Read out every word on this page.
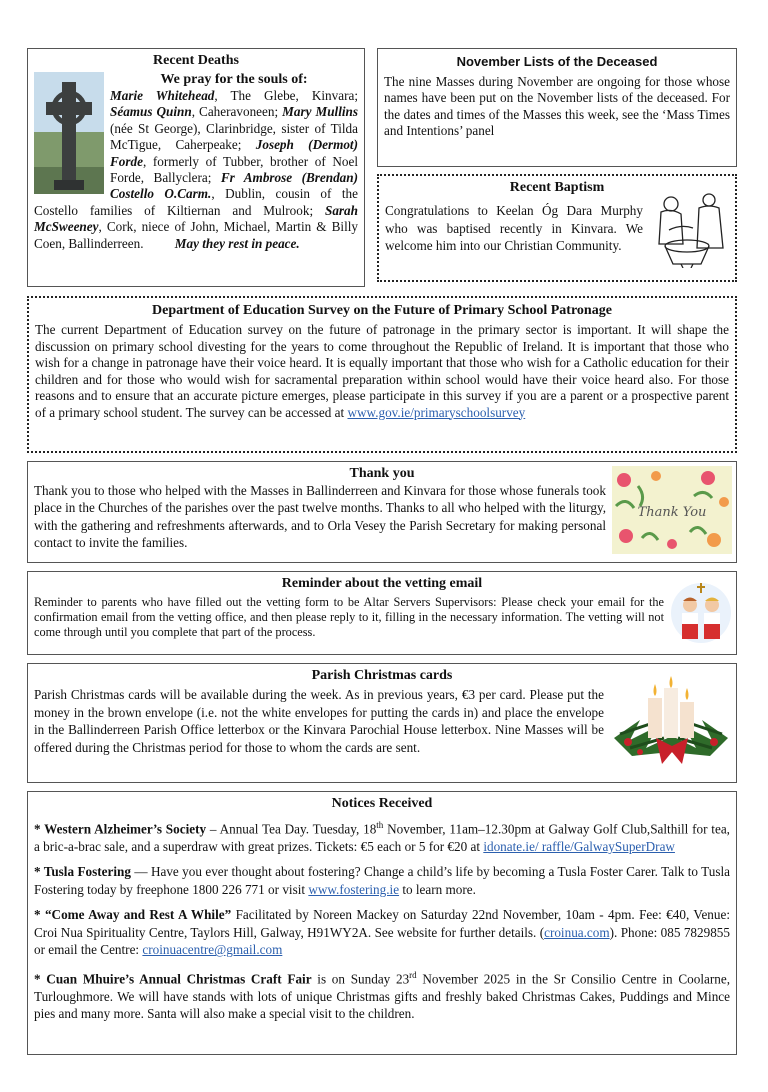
Recent Deaths
We pray for the souls of:
Marie Whitehead, The Glebe, Kinvara; Séamus Quinn, Caheravoneen; Mary Mullins (née St George), Clarinbridge, sister of Tilda McTigue, Caherpeake; Joseph (Dermot) Forde, formerly of Tubber, brother of Noel Forde, Ballyclera; Fr Ambrose (Brendan) Costello O.Carm., Dublin, cousin of the Costello families of Kiltiernan and Mulrook; Sarah McSweeney, Cork, niece of John, Michael, Martin & Billy Coen, Ballinderreen. May they rest in peace.
November Lists of the Deceased
The nine Masses during November are ongoing for those whose names have been put on the November lists of the deceased. For the dates and times of the Masses this week, see the ‘Mass Times and Intentions’ panel
Recent Baptism
Congratulations to Keelan Óg Dara Murphy who was baptised recently in Kinvara. We welcome him into our Christian Community.
Department of Education Survey on the Future of Primary School Patronage
The current Department of Education survey on the future of patronage in the primary sector is important. It will shape the discussion on primary school divesting for the years to come throughout the Republic of Ireland. It is important that those who wish for a change in patronage have their voice heard. It is equally important that those who wish for a Catholic education for their children and for those who would wish for sacramental preparation within school would have their voice heard also. For those reasons and to ensure that an accurate picture emerges, please participate in this survey if you are a parent or a prospective parent of a primary school student. The survey can be accessed at www.gov.ie/primaryschoolsurvey
Thank you
Thank You
Thank you to those who helped with the Masses in Ballinderreen and Kinvara for those whose funerals took place in the Churches of the parishes over the past twelve months. Thanks to all who helped with the liturgy, with the gathering and refreshments afterwards, and to Orla Vesey the Parish Secretary for making personal contact to invite the families.
Reminder about the vetting email
Reminder to parents who have filled out the vetting form to be Altar Servers Supervisors: Please check your email for the confirmation email from the vetting office, and then please reply to it, filling in the necessary information. The vetting will not come through until you complete that part of the process.
Parish Christmas cards
Parish Christmas cards will be available during the week. As in previous years, €3 per card. Please put the money in the brown envelope (i.e. not the white envelopes for putting the cards in) and place the envelope in the Ballinderreen Parish Office letterbox or the Kinvara Parochial House letterbox. Nine Masses will be offered during the Christmas period for those to whom the cards are sent.
Notices Received

* Western Alzheimer’s Society – Annual Tea Day. Tuesday, 18th November, 11am–12.30pm at Galway Golf Club,Salthill for tea, a bric-a-brac sale, and a superdraw with great prizes. Tickets: €5 each or 5 for €20 at idonate.ie/ raffle/GalwaySuperDraw

* Tusla Fostering — Have you ever thought about fostering? Change a child’s life by becoming a Tusla Foster Carer. Talk to Tusla Fostering today by freephone 1800 226 771 or visit www.fostering.ie to learn more.

* “Come Away and Rest A While” Facilitated by Noreen Mackey on Saturday 22nd November, 10am - 4pm. Fee: €40, Venue: Croi Nua Spirituality Centre, Taylors Hill, Galway, H91WY2A. See website for further details. (croinua.com). Phone: 085 7829855 or email the Centre: croinuacentre@gmail.com

* Cuan Mhuire’s Annual Christmas Craft Fair is on Sunday 23rd November 2025 in the Sr Consilio Centre in Coolarne, Turloughmore. We will have stands with lots of unique Christmas gifts and freshly baked Christmas Cakes, Puddings and Mince pies and many more. Santa will also make a special visit to the children.
